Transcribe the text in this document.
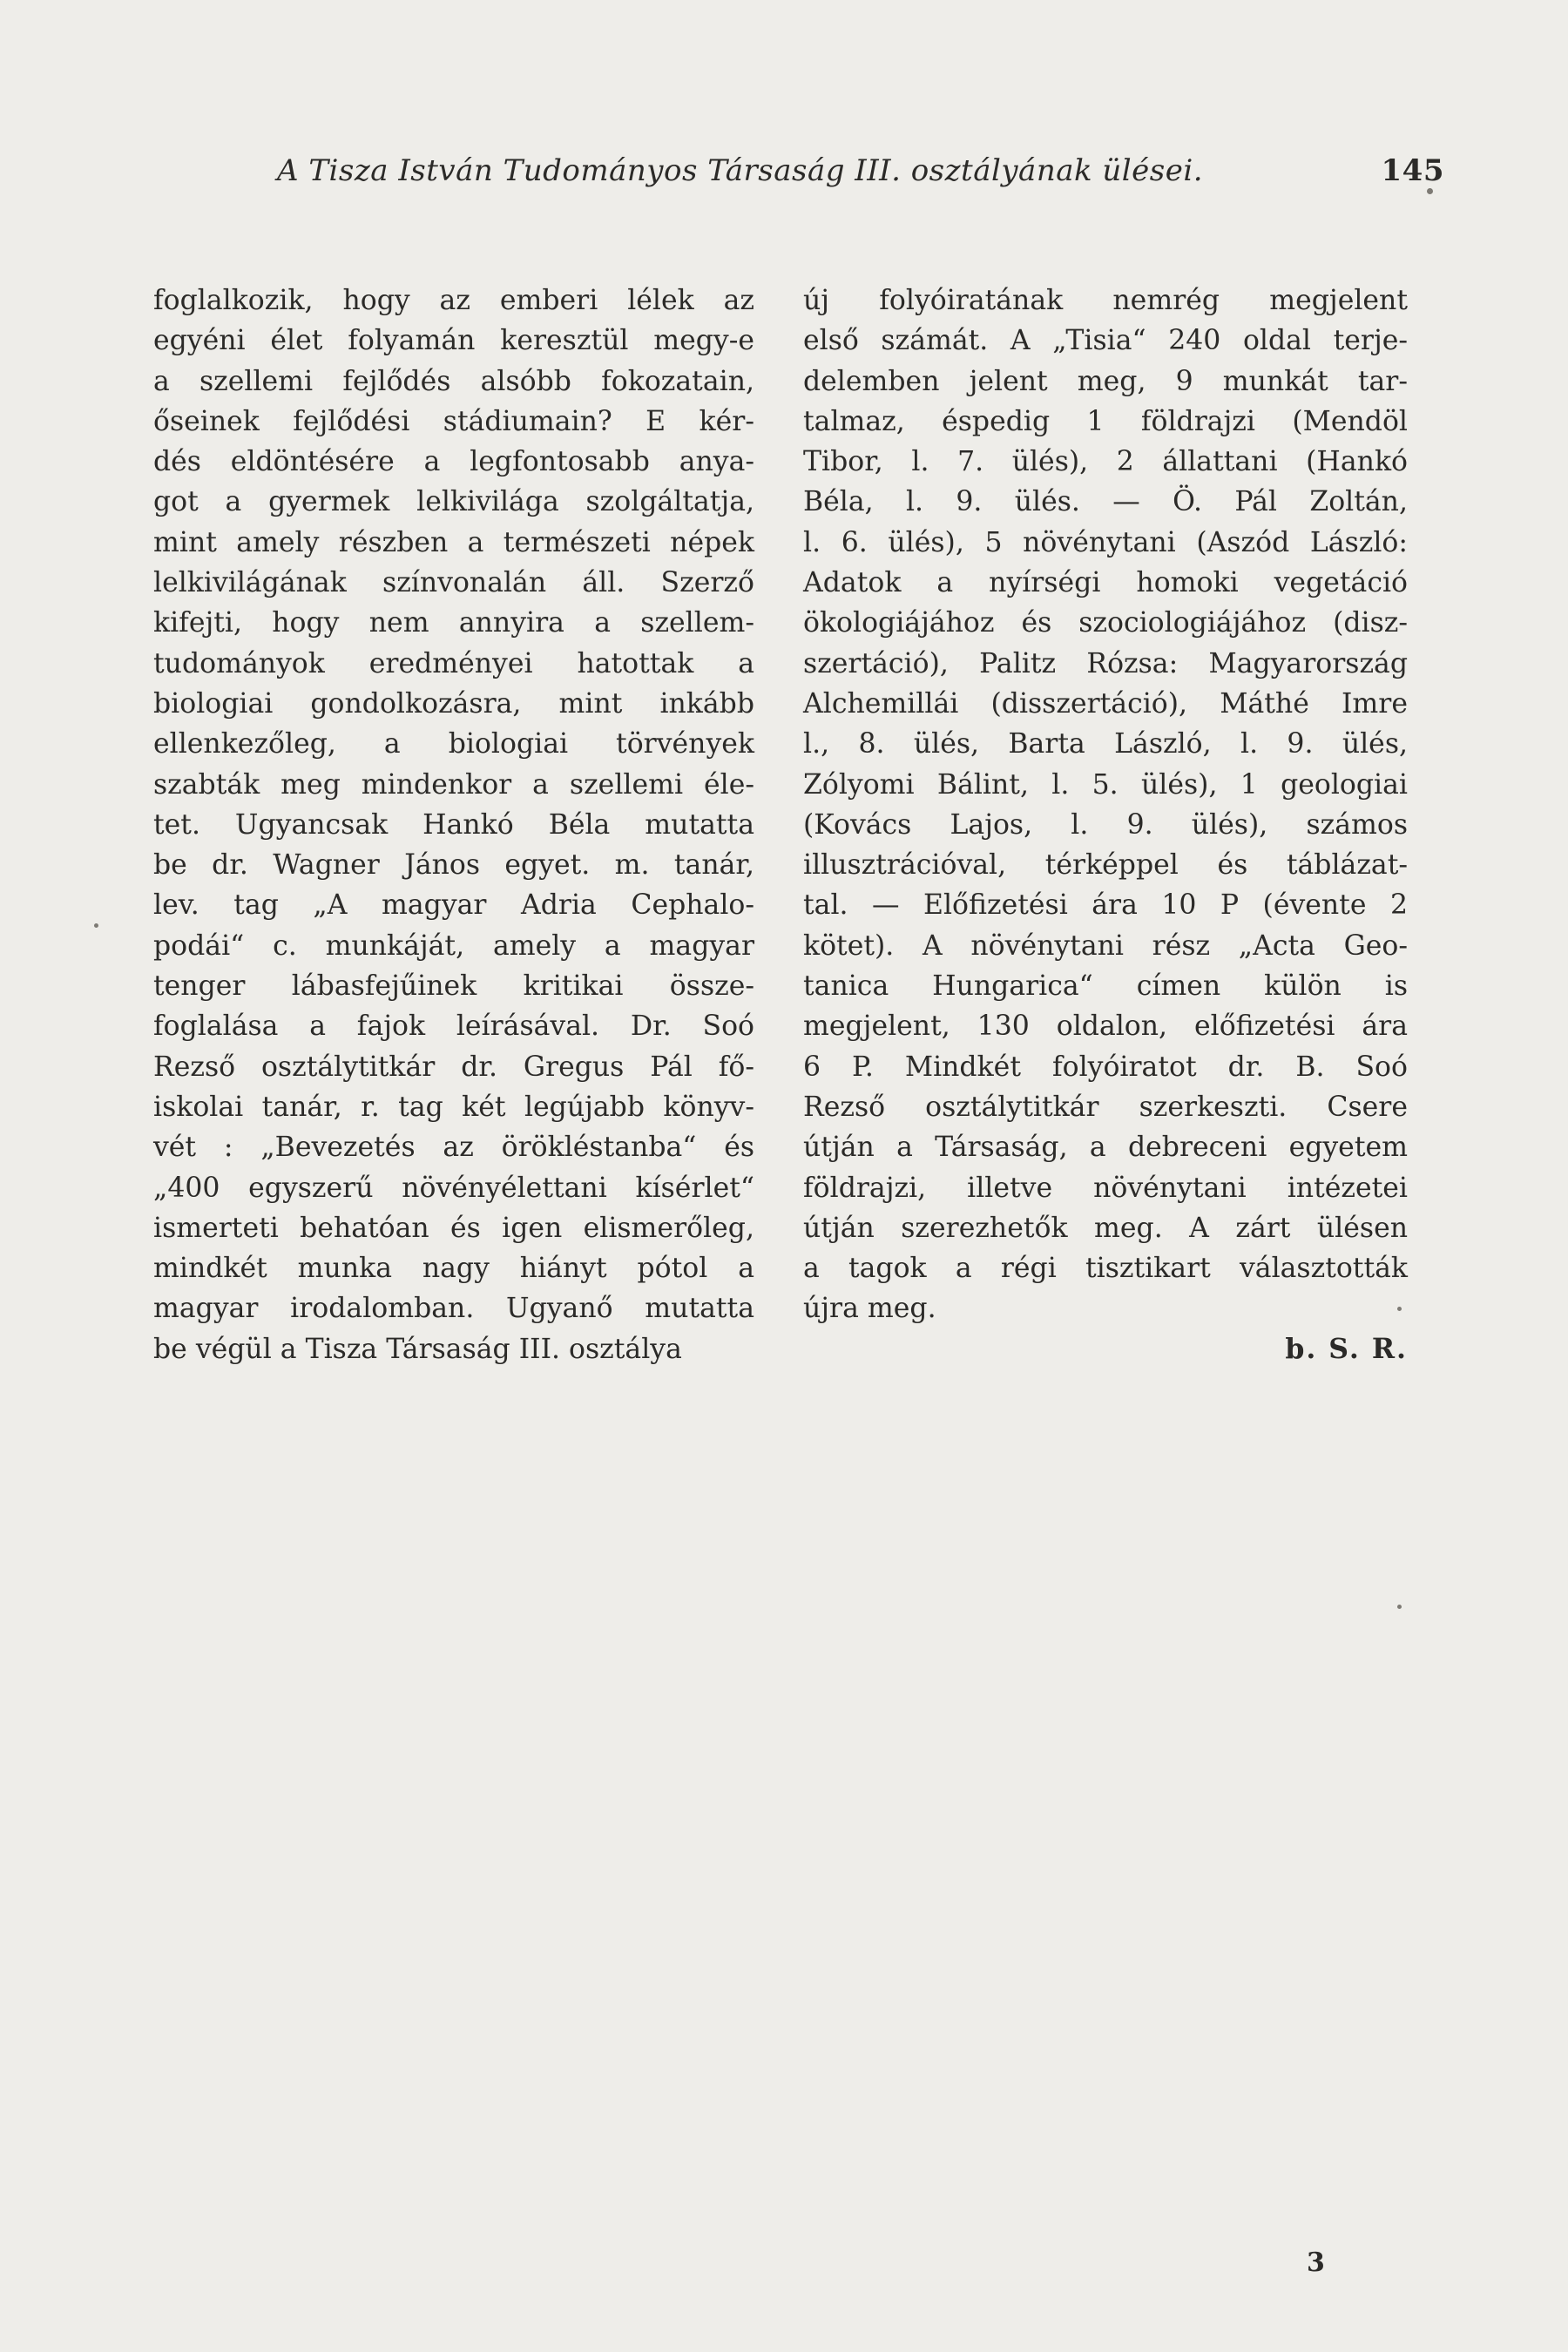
A Tisza István Tudományos Társaság III. osztályának ülései.	145
foglalkozik, hogy az emberi lélek az
egyéni élet folyamán keresztül megy-e
a szellemi fejlődés alsóbb fokozatain,
őseinek fejlődési stádiumain? E kér-
dés eldöntésére a legfontosabb anya-
got a gyermek lelkivilága szolgáltatja,
mint amely részben a természeti népek
lelkivilágának színvonalán áll. Szerző
kifejti, hogy nem annyira a szellem-
tudományok eredményei hatottak a
biologiai gondolkozásra, mint inkább
ellenkezőleg, a biologiai törvények
szabták meg mindenkor a szellemi éle-
tet. Ugyancsak Hankó Béla mutatta
be dr. Wagner János egyet. m. tanár,
lev. tag „A magyar Adria Cephalo-
podái“ c. munkáját, amely a magyar
tenger lábasfejűinek kritikai össze-
foglalása a fajok leírásával. Dr. Soó
Rezső osztálytitkár dr. Gregus Pál fő-
iskolai tanár, r. tag két legújabb könyv-
vét : „Bevezetés az örökléstanba“ és
„400 egyszerű növényélettani kísérlet“
ismerteti behatóan és igen elismerőleg,
mindkét munka nagy hiányt pótol a
magyar irodalomban. Ugyanő mutatta
be végül a Tisza Társaság III. osztálya
új folyóiratának nemrég megjelent
első számát. A „Tisia“ 240 oldal terje-
delemben jelent meg, 9 munkát tar-
talmaz, éspedig 1 földrajzi (Mendöl
Tibor, l. 7. ülés), 2 állattani (Hankó
Béla, l. 9. ülés. — Ö. Pál Zoltán,
l. 6. ülés), 5 növénytani (Aszód László:
Adatok a nyírségi homoki vegetáció
ökologiájához és szociologiájához (disz-
szertáció), Palitz Rózsa: Magyarország
Alchemillái (disszertáció), Máthé Imre
l., 8. ülés, Barta László, l. 9. ülés,
Zólyomi Bálint, l. 5. ülés), 1 geologiai
(Kovács Lajos, l. 9. ülés), számos
illusztrációval, térképpel és táblázat-
tal. — Előfizetési ára 10 P (évente 2
kötet). A növénytani rész „Acta Geo-
tanica Hungarica“ címen külön is
megjelent, 130 oldalon, előfizetési ára
6 P. Mindkét folyóiratot dr. B. Soó
Rezső osztálytitkár szerkeszti. Csere
útján a Társaság, a debreceni egyetem
földrajzi, illetve növénytani intézetei
útján szerezhetők meg. A zárt ülésen
a tagok a régi tisztikart választották
újra meg.
b. S. R.
3
